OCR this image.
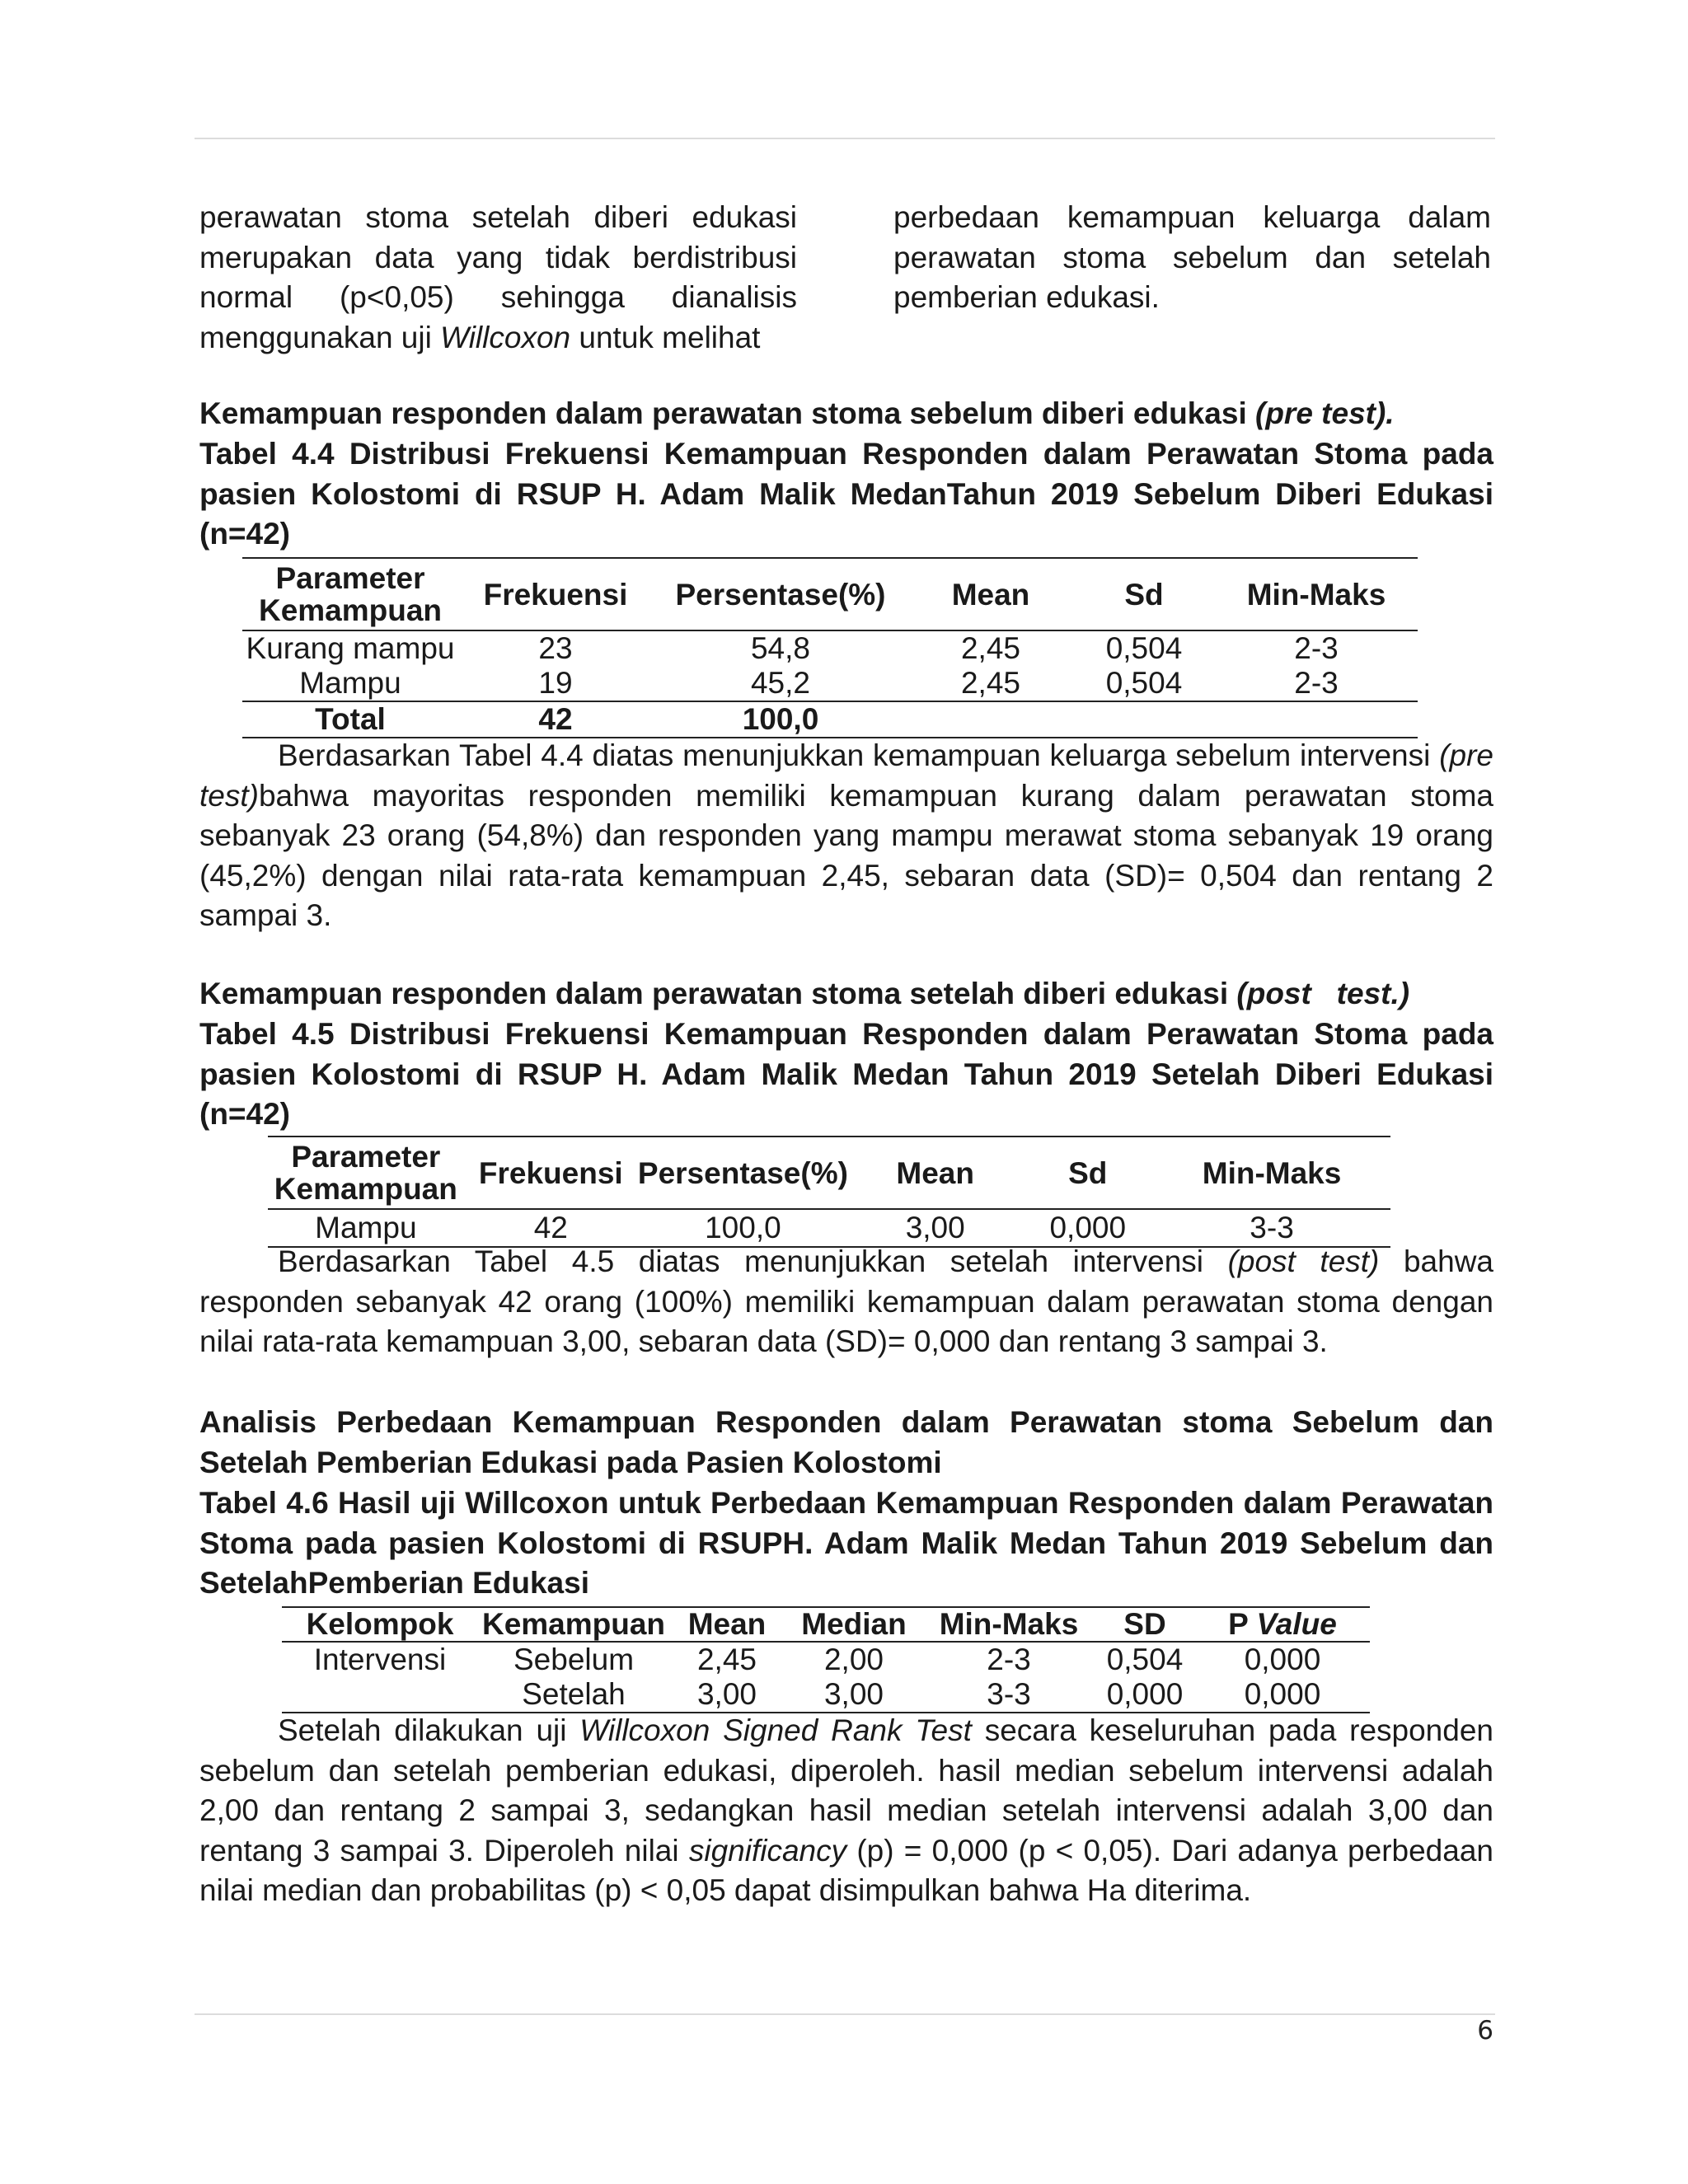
perawatan stoma setelah diberi edukasi merupakan data yang tidak berdistribusi normal (p<0,05) sehingga dianalisis menggunakan uji Willcoxon untuk melihat
perbedaan kemampuan keluarga dalam perawatan stoma sebelum dan setelah pemberian edukasi.
Kemampuan responden dalam perawatan stoma sebelum diberi edukasi (pre test).
Tabel 4.4 Distribusi Frekuensi Kemampuan Responden dalam Perawatan Stoma pada pasien Kolostomi di RSUP H. Adam Malik MedanTahun 2019 Sebelum Diberi Edukasi (n=42)
Parameter Kemampuan	Frekuensi	Persentase(%)	Mean	Sd	Min-Maks
Kurang mampu	23	54,8	2,45	0,504	2-3
Mampu	19	45,2	2,45	0,504	2-3
Total	42	100,0			
Berdasarkan Tabel 4.4 diatas menunjukkan kemampuan keluarga sebelum intervensi (pre test)bahwa mayoritas responden memiliki kemampuan kurang dalam perawatan stoma sebanyak 23 orang (54,8%) dan responden yang mampu merawat stoma sebanyak 19 orang (45,2%) dengan nilai rata-rata kemampuan 2,45, sebaran data (SD)= 0,504 dan rentang 2 sampai 3.
Kemampuan responden dalam perawatan stoma setelah diberi edukasi (post   test.)
Tabel 4.5 Distribusi Frekuensi Kemampuan Responden dalam Perawatan Stoma pada pasien Kolostomi di RSUP H. Adam Malik Medan Tahun 2019 Setelah Diberi Edukasi (n=42)
Parameter Kemampuan	Frekuensi	Persentase(%)	Mean	Sd	Min-Maks
Mampu	42	100,0	3,00	0,000	3-3
Berdasarkan Tabel 4.5 diatas menunjukkan setelah intervensi (post test) bahwa responden sebanyak 42 orang (100%) memiliki kemampuan dalam perawatan stoma dengan nilai rata-rata kemampuan 3,00, sebaran data (SD)= 0,000 dan rentang 3 sampai 3.
Analisis Perbedaan Kemampuan Responden dalam Perawatan stoma Sebelum dan Setelah Pemberian Edukasi pada Pasien Kolostomi
Tabel 4.6 Hasil uji Willcoxon untuk Perbedaan Kemampuan Responden dalam Perawatan Stoma pada pasien Kolostomi di RSUPH. Adam Malik Medan Tahun 2019 Sebelum dan SetelahPemberian Edukasi
Kelompok	Kemampuan	Mean	Median	Min-Maks	SD	P Value
Intervensi	Sebelum	2,45	2,00	2-3	0,504	0,000
	Setelah	3,00	3,00	3-3	0,000	0,000
Setelah dilakukan uji Willcoxon Signed Rank Test secara keseluruhan pada responden sebelum dan setelah pemberian edukasi, diperoleh. hasil median sebelum intervensi adalah 2,00 dan rentang 2 sampai 3, sedangkan hasil median setelah intervensi adalah 3,00 dan rentang 3 sampai 3. Diperoleh nilai significancy (p) = 0,000 (p < 0,05). Dari adanya perbedaan nilai median dan probabilitas (p) < 0,05 dapat disimpulkan bahwa Ha diterima.
6
